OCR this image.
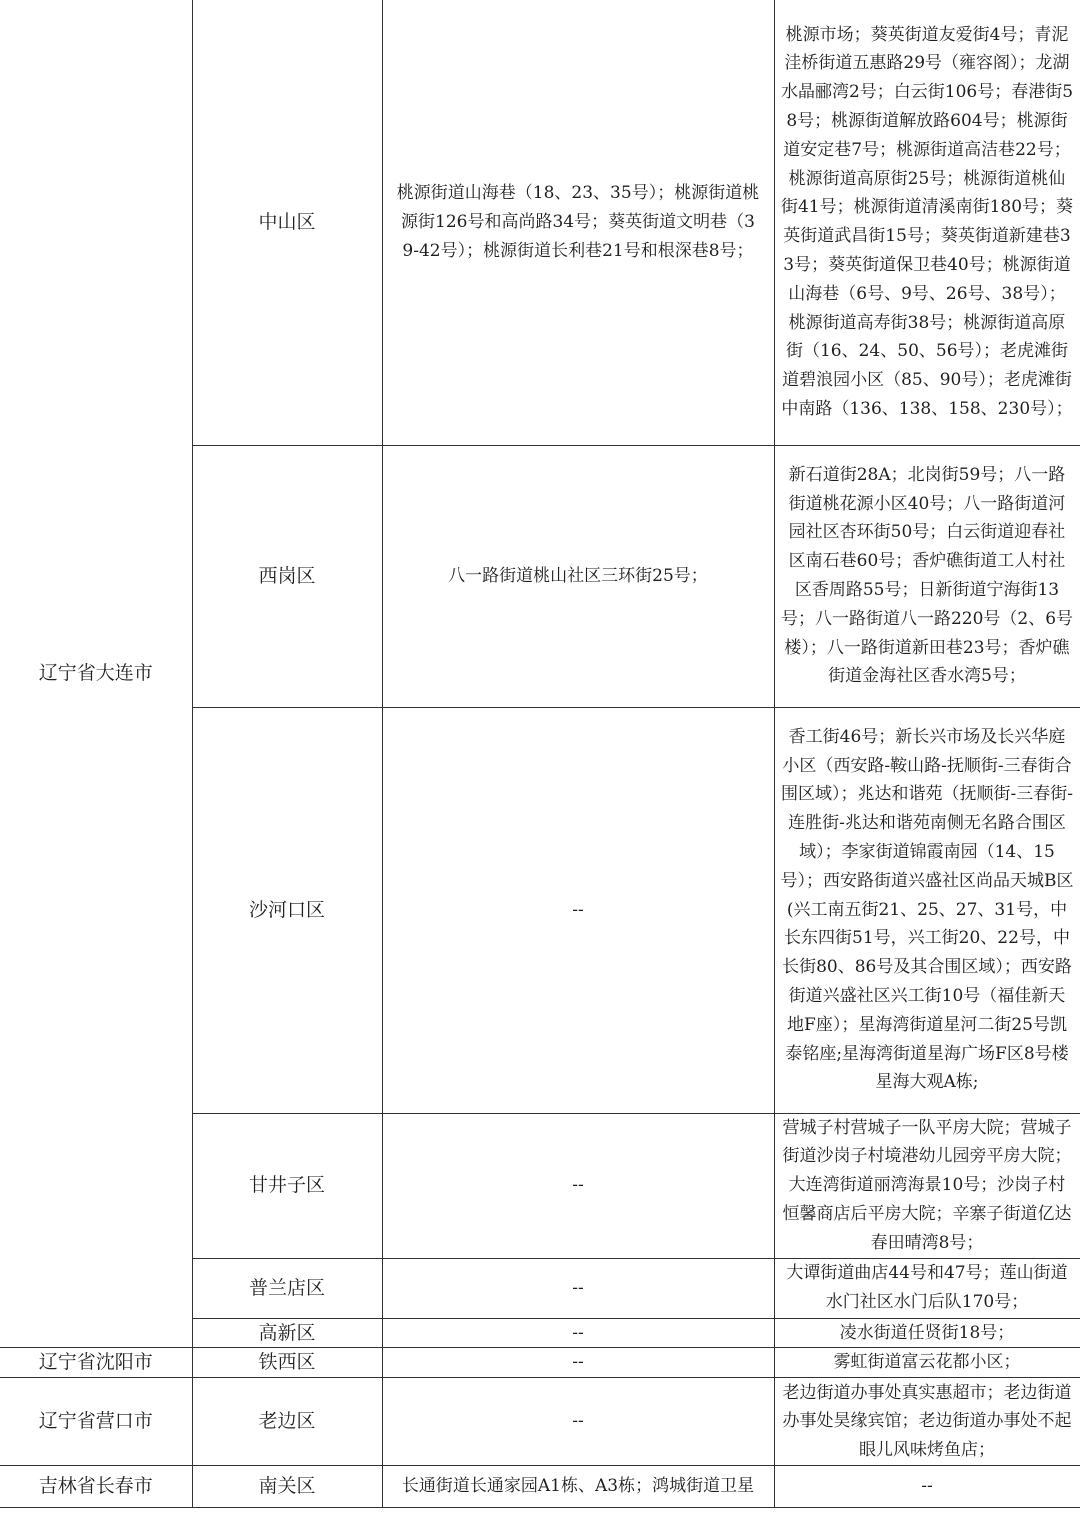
辽宁省大连市	中山区	桃源街道山海巷（18、23、35号）；桃源街道桃源街126号和高尚路34号；葵英街道文明巷（39-42号）；桃源街道长利巷21号和根深巷8号；	桃源市场；葵英街道友爱街4号；青泥洼桥街道五惠路29号（雍容阁）；龙湖水晶郦湾2号；白云街106号；春港街58号；桃源街道解放路604号；桃源街道安定巷7号；桃源街道高洁巷22号；桃源街道高原街25号；桃源街道桃仙街41号；桃源街道清溪南街180号；葵英街道武昌街15号；葵英街道新建巷33号；葵英街道保卫巷40号；桃源街道山海巷（6号、9号、26号、38号）；桃源街道高寿街38号；桃源街道高原街（16、24、50、56号）；老虎滩街道碧浪园小区（85、90号）；老虎滩街中南路（136、138、158、230号）；
	西岗区	八一路街道桃山社区三环街25号；	新石道街28A；北岗街59号；八一路街道桃花源小区40号；八一路街道河园社区杏环街50号；白云街道迎春社区南石巷60号；香炉礁街道工人村社区香周路55号；日新街道宁海街13号；八一路街道八一路220号（2、6号楼）；八一路街道新田巷23号；香炉礁街道金海社区香水湾5号；
	沙河口区	--	香工街46号；新长兴市场及长兴华庭小区（西安路-鞍山路-抚顺街-三春街合围区域）；兆达和谐苑（抚顺街-三春街-连胜街-兆达和谐苑南侧无名路合围区域）；李家街道锦霞南园（14、15号）；西安路街道兴盛社区尚品天城B区(兴工南五街21、25、27、31号，中长东四街51号，兴工街20、22号，中长街80、86号及其合围区域）；西安路街道兴盛社区兴工街10号（福佳新天地F座）；星海湾街道星河二街25号凯泰铭座;星海湾街道星海广场F区8号楼星海大观A栋;
	甘井子区	--	营城子村营城子一队平房大院；营城子街道沙岗子村境港幼儿园旁平房大院；大连湾街道丽湾海景10号；沙岗子村恒馨商店后平房大院；辛寨子街道亿达春田晴湾8号；
	普兰店区	--	大谭街道曲店44号和47号；莲山街道水门社区水门后队170号；
	高新区	--	凌水街道任贤街18号；
辽宁省沈阳市	铁西区	--	雾虹街道富云花都小区；
辽宁省营口市	老边区	--	老边街道办事处真实惠超市；老边街道办事处昊缘宾馆；老边街道办事处不起眼儿风味烤鱼店；
吉林省长春市	南关区	长通街道长通家园A1栋、A3栋；鸿城街道卫星	--
